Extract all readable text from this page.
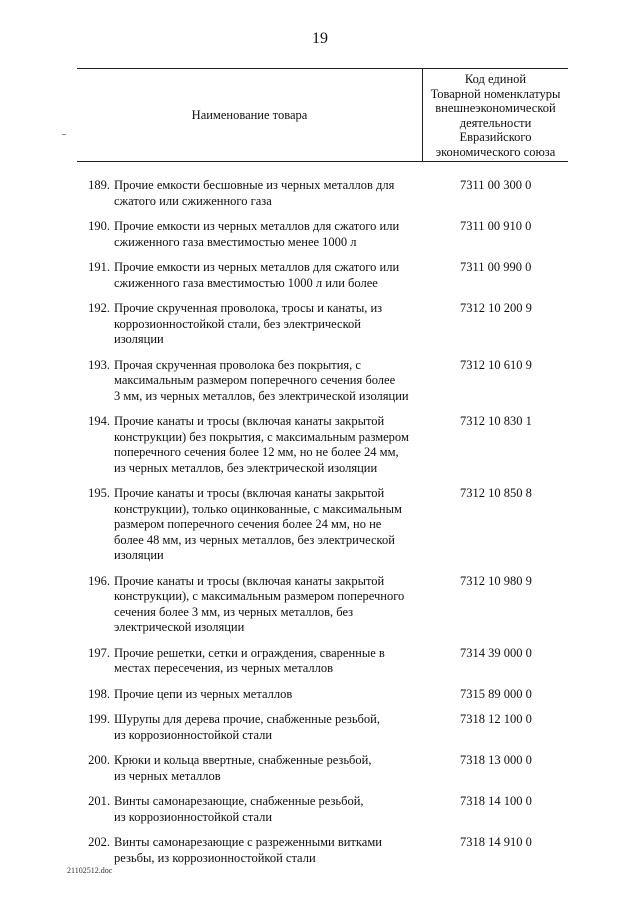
19
Наименование товара
Код единой
Товарной номенклатуры
внешнеэкономической
деятельности
Евразийского
экономического союза
189. Прочие емкости бесшовные из черных металлов для
сжатого или сжиженного газа
7311 00 300 0
190. Прочие емкости из черных металлов для сжатого или
сжиженного газа вместимостью менее 1000 л
7311 00 910 0
191. Прочие емкости из черных металлов для сжатого или
сжиженного газа вместимостью 1000 л или более
7311 00 990 0
192. Прочие скрученная проволока, тросы и канаты, из
коррозионностойкой стали, без электрической
изоляции
7312 10 200 9
193. Прочая скрученная проволока без покрытия, с
максимальным размером поперечного сечения более
3 мм, из черных металлов, без электрической изоляции
7312 10 610 9
194. Прочие канаты и тросы (включая канаты закрытой
конструкции) без покрытия, с максимальным размером
поперечного сечения более 12 мм, но не более 24 мм,
из черных металлов, без электрической изоляции
7312 10 830 1
195. Прочие канаты и тросы (включая канаты закрытой
конструкции), только оцинкованные, с максимальным
размером поперечного сечения более 24 мм, но не
более 48 мм, из черных металлов, без электрической
изоляции
7312 10 850 8
196. Прочие канаты и тросы (включая канаты закрытой
конструкции), с максимальным размером поперечного
сечения более 3 мм, из черных металлов, без
электрической изоляции
7312 10 980 9
197. Прочие решетки, сетки и ограждения, сваренные в
местах пересечения, из черных металлов
7314 39 000 0
198. Прочие цепи из черных металлов	7315 89 000 0
199. Шурупы для дерева прочие, снабженные резьбой,
из коррозионностойкой стали
7318 12 100 0
200. Крюки и кольца ввертные, снабженные резьбой,
из черных металлов
7318 13 000 0
201. Винты самонарезающие, снабженные резьбой,
из коррозионностойкой стали
7318 14 100 0
202. Винты самонарезающие с разреженными витками
резьбы, из коррозионностойкой стали
7318 14 910 0
21102512.doc
